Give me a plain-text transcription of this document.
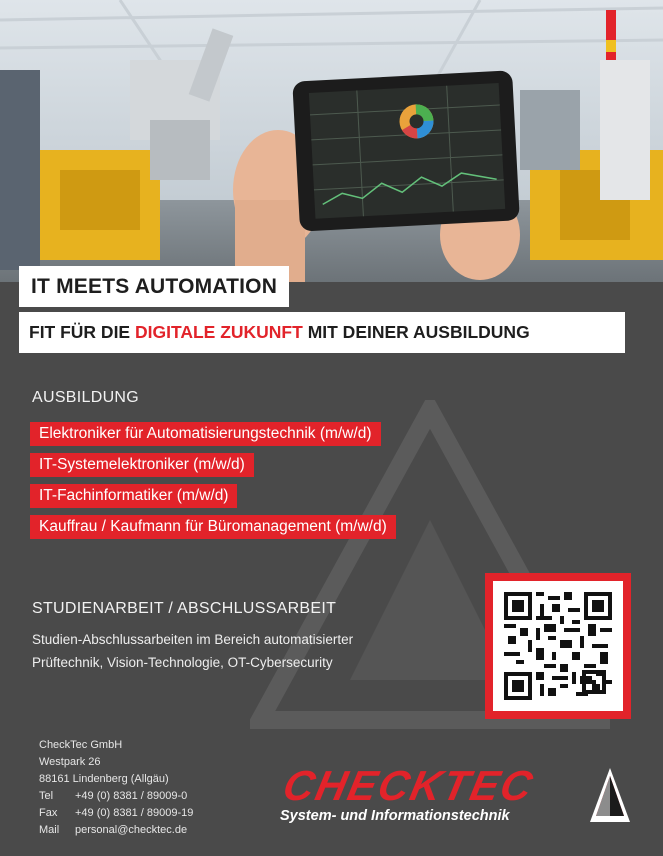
IT MEETS AUTOMATION
FIT FÜR DIE DIGITALE ZUKUNFT MIT DEINER AUSBILDUNG
AUSBILDUNG
Elektroniker für Automatisierungstechnik (m/w/d)
IT-Systemelektroniker (m/w/d)
IT-Fachinformatiker (m/w/d)
Kauffrau / Kaufmann für Büromanagement (m/w/d)
STUDIENARBEIT / ABSCHLUSSARBEIT
Studien-Abschlussarbeiten im Bereich automatisierter
Prüftechnik, Vision-Technologie, OT-Cybersecurity
CheckTec GmbH
Westpark 26
88161 Lindenberg (Allgäu)
Tel +49 (0) 8381 / 89009-0
Fax +49 (0) 8381 / 89009-19
Mail personal@checktec.de
CHECKTEC
System- und Informationstechnik
